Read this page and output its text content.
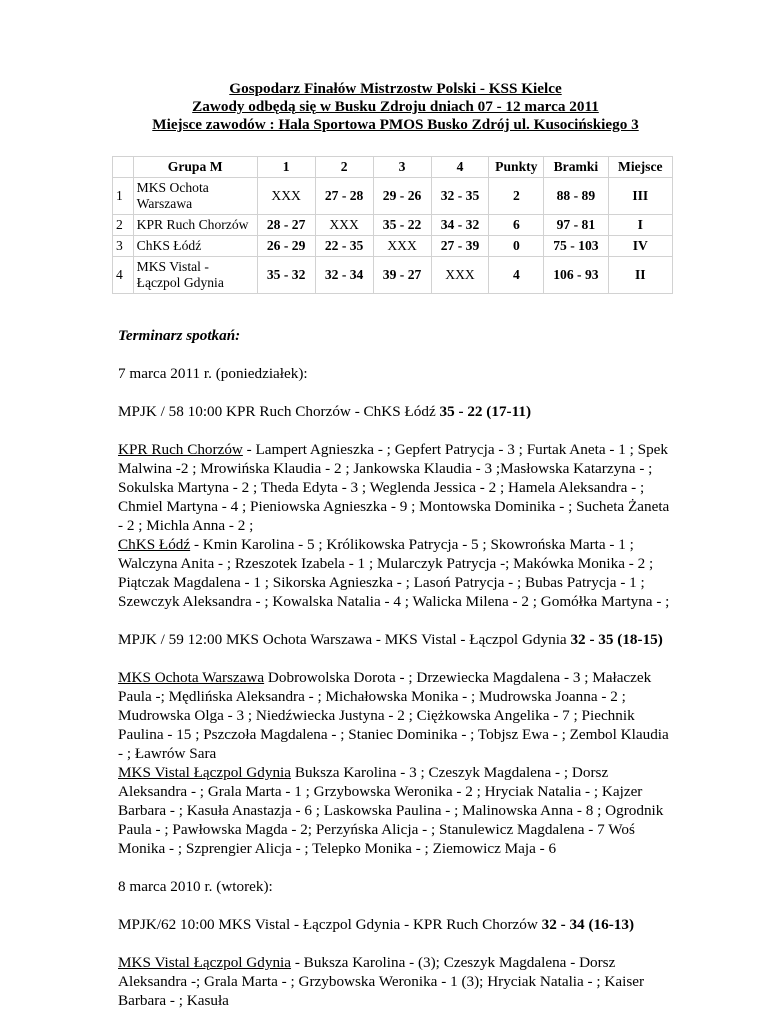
Gospodarz Finałów Mistrzostw Polski - KSS Kielce
Zawody odbędą się w Busku Zdroju dniach 07 - 12 marca 2011
Miejsce zawodów : Hala Sportowa PMOS Busko Zdrój ul. Kusocińskiego 3
	Grupa M	1	2	3	4	Punkty	Bramki	Miejsce
1	MKS Ochota Warszawa	XXX	27 - 28	29 - 26	32 - 35	2	88 - 89	III
2	KPR Ruch Chorzów	28 - 27	XXX	35 - 22	34 - 32	6	97 - 81	I
3	ChKS Łódź	26 - 29	22 - 35	XXX	27 - 39	0	75 - 103	IV
4	MKS Vistal - Łączpol Gdynia	35 - 32	32 - 34	39 - 27	XXX	4	106 - 93	II

Terminarz spotkań:

7 marca 2011 r. (poniedziałek):

MPJK / 58 10:00 KPR Ruch Chorzów - ChKS Łódź 35 - 22 (17-11)

KPR Ruch Chorzów - Lampert Agnieszka - ; Gepfert Patrycja - 3 ; Furtak Aneta - 1 ; Spek Malwina -2 ; Mrowińska Klaudia - 2 ; Jankowska Klaudia - 3 ;Masłowska Katarzyna - ; Sokulska Martyna - 2 ; Theda Edyta - 3 ; Weglenda Jessica - 2 ; Hamela Aleksandra - ; Chmiel Martyna - 4 ; Pieniowska Agnieszka - 9 ; Montowska Dominika - ; Sucheta Żaneta - 2 ; Michla Anna - 2 ;

ChKS Łódź - Kmin Karolina - 5 ; Królikowska Patrycja - 5 ; Skowrońska Marta - 1 ; Walczyna Anita - ; Rzeszotek Izabela - 1 ; Mularczyk Patrycja -; Makówka Monika - 2 ; Piątczak Magdalena - 1 ; Sikorska Agnieszka - ; Lasoń Patrycja - ; Bubas Patrycja - 1 ; Szewczyk Aleksandra - ; Kowalska Natalia - 4 ; Walicka Milena - 2 ; Gomółka Martyna - ;

MPJK / 59 12:00 MKS Ochota Warszawa - MKS Vistal - Łączpol Gdynia 32 - 35 (18-15)

MKS Ochota Warszawa Dobrowolska Dorota - ; Drzewiecka Magdalena - 3 ; Małaczek Paula -; Mędlińska Aleksandra - ; Michałowska Monika - ; Mudrowska Joanna - 2 ; Mudrowska Olga - 3 ; Niedźwiecka Justyna - 2 ; Ciężkowska Angelika - 7 ; Piechnik Paulina - 15 ; Pszczoła Magdalena - ; Staniec Dominika - ; Tobjsz Ewa - ; Zembol Klaudia - ; Ławrów Sara

MKS Vistal Łączpol Gdynia Buksza Karolina - 3 ; Czeszyk Magdalena - ; Dorsz Aleksandra - ; Grala Marta - 1 ; Grzybowska Weronika - 2 ; Hryciak Natalia - ; Kajzer Barbara - ; Kasuła Anastazja - 6 ; Laskowska Paulina - ; Malinowska Anna - 8 ; Ogrodnik Paula - ; Pawłowska Magda - 2; Perzyńska Alicja - ; Stanulewicz Magdalena - 7 Woś Monika - ; Szprengier Alicja - ; Telepko Monika - ; Ziemowicz Maja - 6

8 marca 2010 r. (wtorek):

MPJK/62 10:00 MKS Vistal - Łączpol Gdynia - KPR Ruch Chorzów 32 - 34 (16-13)

MKS Vistal Łączpol Gdynia - Buksza Karolina - (3); Czeszyk Magdalena - Dorsz Aleksandra -; Grala Marta - ; Grzybowska Weronika - 1 (3); Hryciak Natalia - ; Kaiser Barbara - ; Kasuła
